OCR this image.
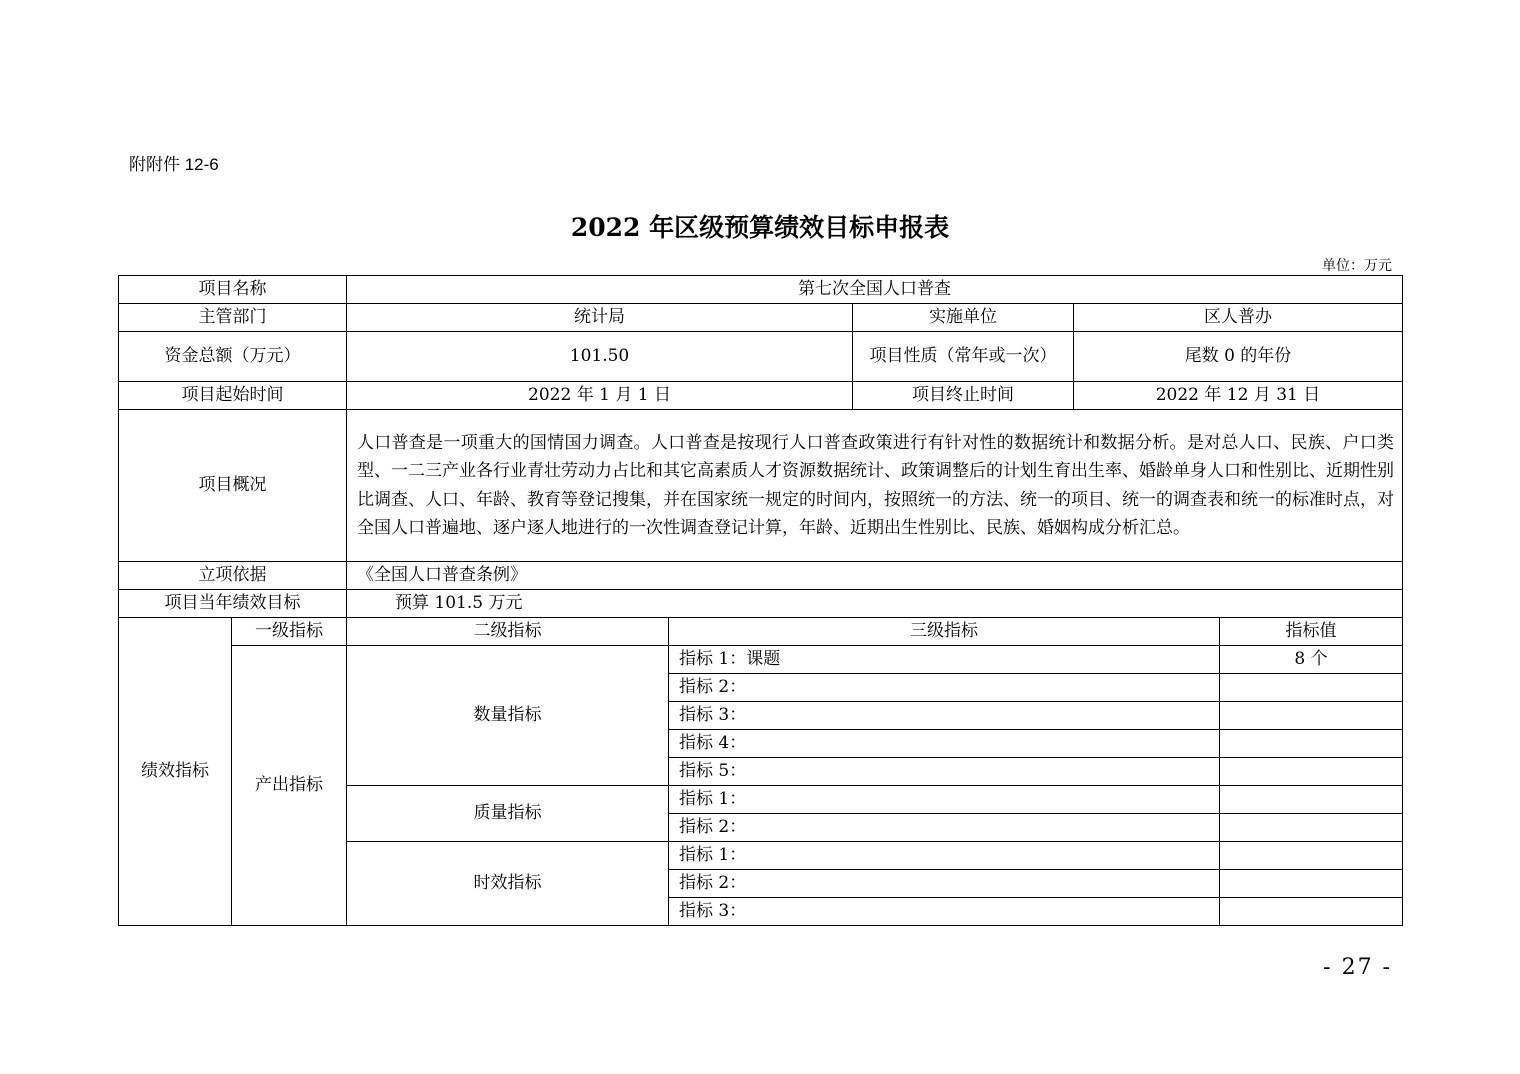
附附件 12-6
2022 年区级预算绩效目标申报表
单位：万元
项目名称		第七次全国人口普查				
主管部门		统计局		实施单位	区人普办	
资金总额（万元）		101.50		项目性质（常年或一次）	尾数 0 的年份	
项目起始时间		2022 年 1 月 1 日		项目终止时间	2022 年 12 月 31 日	
项目概况		人口普查是一项重大的国情国力调查。人口普查是按现行人口普查政策进行有针对性的数据统计和数据分析。是对总人口、民族、户口类型、一二三产业各行业青壮劳动力占比和其它高素质人才资源数据统计、政策调整后的计划生育出生率、婚龄单身人口和性别比、近期性别比调查、人口、年龄、教育等登记搜集，并在国家统一规定的时间内，按照统一的方法、统一的项目、统一的调查表和统一的标准时点，对全国人口普遍地、逐户逐人地进行的一次性调查登记计算，年龄、近期出生性别比、民族、婚姻构成分析汇总。				
立项依据		《全国人口普查条例》				
项目当年绩效目标		预算 101.5 万元				
绩效指标	一级指标	二级指标	三级指标			指标值
	产出指标	数量指标	指标 1：课题			8 个
			指标 2：			
			指标 3：			
			指标 4：			
			指标 5：			
		质量指标	指标 1：			
			指标 2：			
		时效指标	指标 1：			
			指标 2：			
			指标 3：			
- 27 -
